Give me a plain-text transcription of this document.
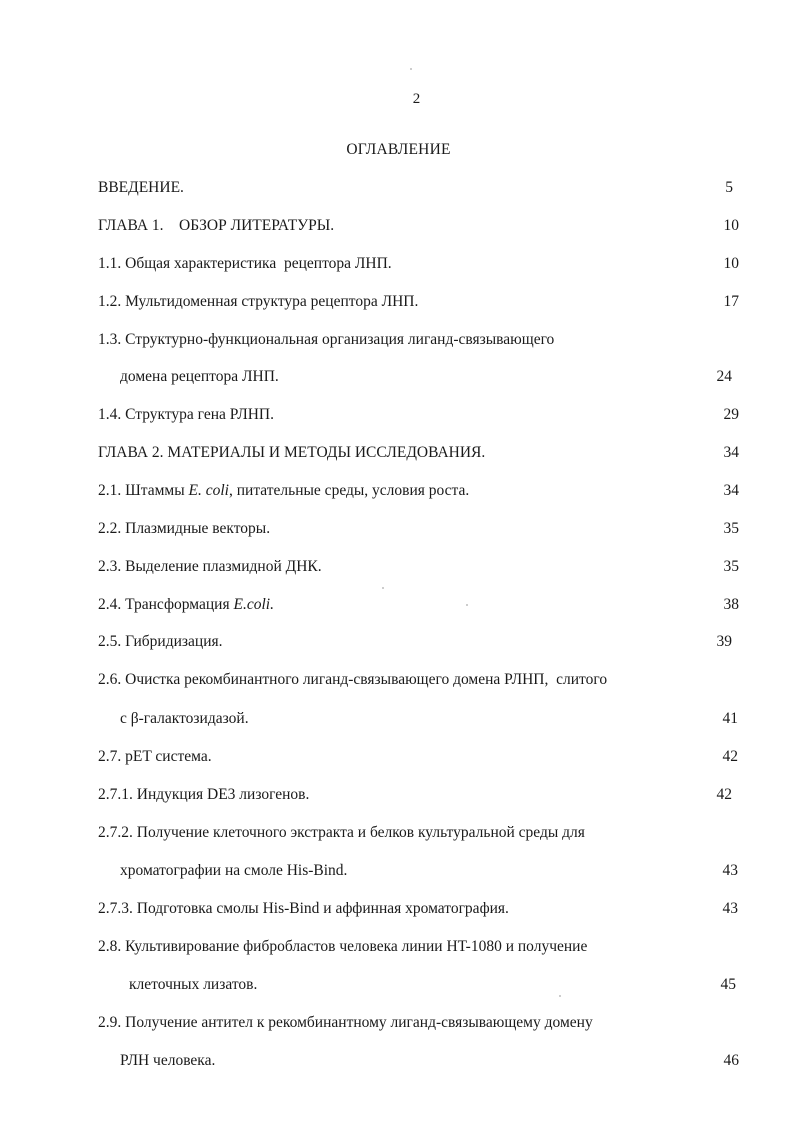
2
ОГЛАВЛЕНИЕ
ВВЕДЕНИЕ.	5
ГЛАВА 1.    ОБЗОР ЛИТЕРАТУРЫ.	10
1.1. Общая характеристика  рецептора ЛНП.	10
1.2. Мультидоменная структура рецептора ЛНП.	17
1.3. Структурно-функциональная организация лиганд-связывающего
домена рецептора ЛНП.	24
1.4. Структура гена РЛНП.	29
ГЛАВА 2. МАТЕРИАЛЫ И МЕТОДЫ ИССЛЕДОВАНИЯ.	34
2.1. Штаммы E. coli, питательные среды, условия роста.	34
2.2. Плазмидные векторы.	35
2.3. Выделение плазмидной ДНК.	35
2.4. Трансформация E.coli.	38
2.5. Гибридизация.	39
2.6. Очистка рекомбинантного лиганд-связывающего домена РЛНП,  слитого
с β-галактозидазой.	41
2.7. pET система.	42
2.7.1. Индукция DE3 лизогенов.	42
2.7.2. Получение клеточного экстракта и белков культуральной среды для
хроматографии на смоле His-Bind.	43
2.7.3. Подготовка смолы His-Bind и аффинная хроматография.	43
2.8. Культивирование фибробластов человека линии HT-1080 и получение
клеточных лизатов.	45
2.9. Получение антител к рекомбинантному лиганд-связывающему домену
РЛН человека.	46
